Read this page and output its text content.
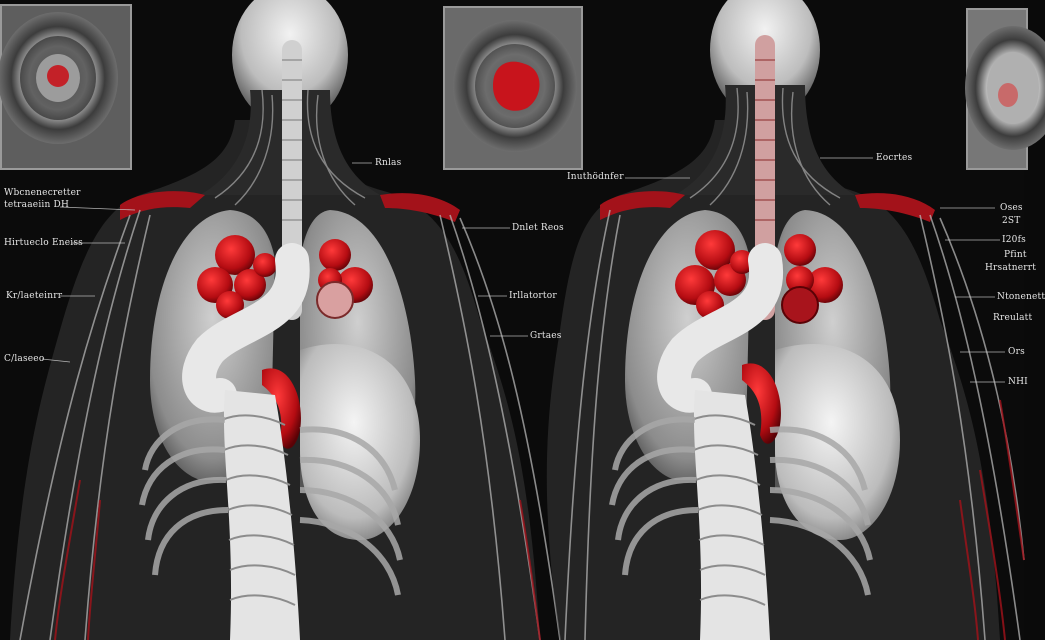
Wbcnenecretter
tetraaeiin DH
Hirtueclo Eneiss
Kr/laeteinrr
C/laseeo
Rnlas
Dnlet Reos
Irllatortor
Grtaes
Inuthödnfer
Eocrtes
Oses
2ST
I20fs
Pfint
Hrsatnerrt
Ntonenett
Rreulatt
Ors
NHI
